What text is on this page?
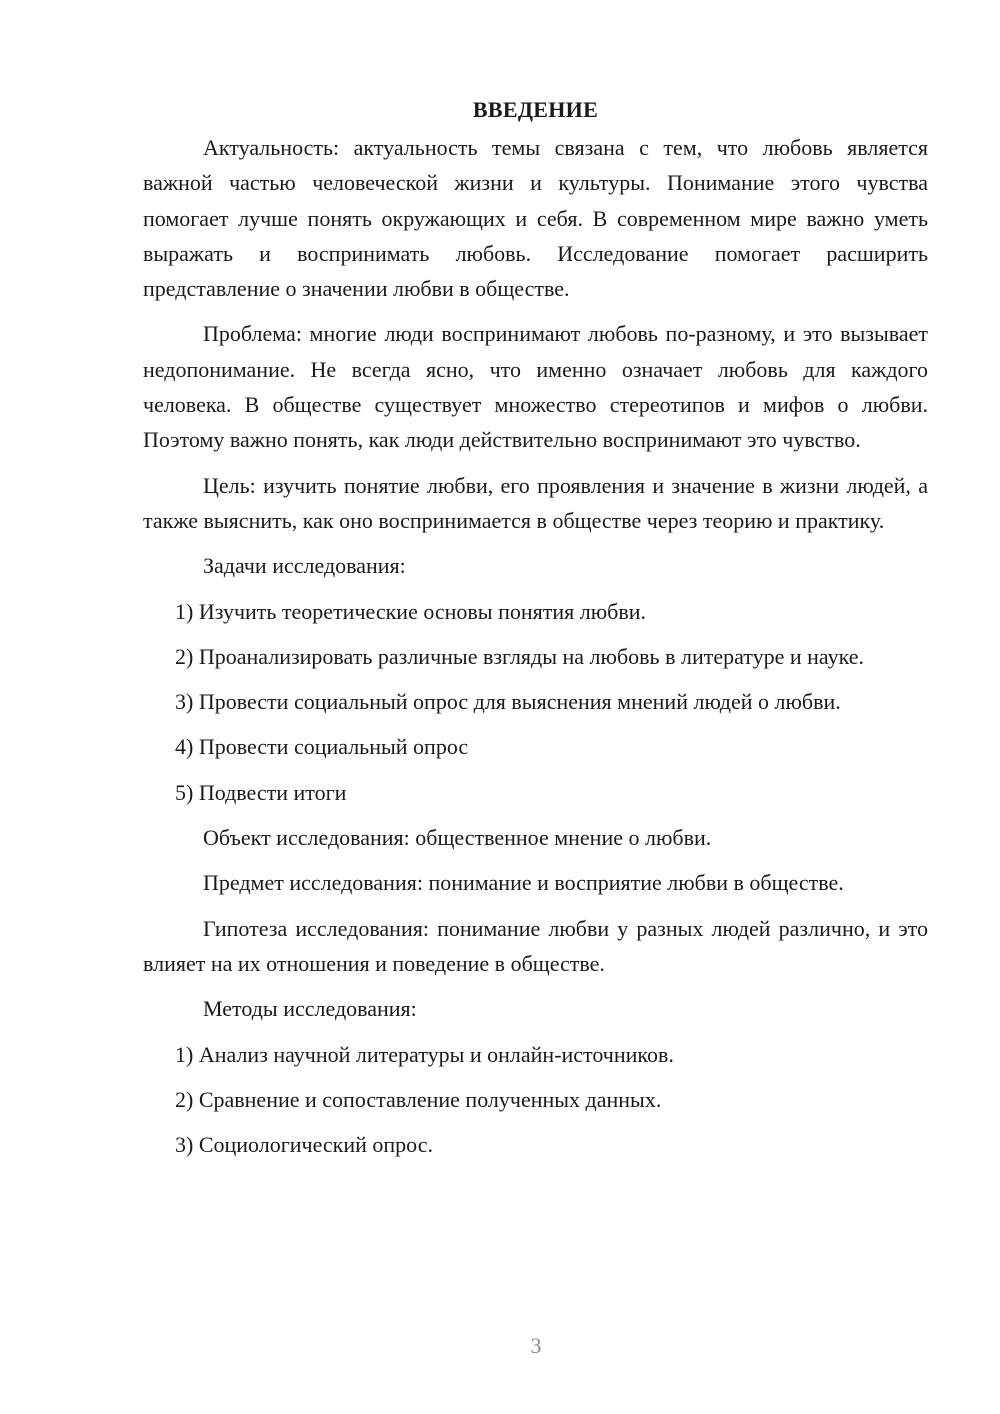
ВВЕДЕНИЕ

Актуальность: актуальность темы связана с тем, что любовь является важной частью человеческой жизни и культуры. Понимание этого чувства помогает лучше понять окружающих и себя. В современном мире важно уметь выражать и воспринимать любовь. Исследование помогает расширить представление о значении любви в обществе.

Проблема: многие люди воспринимают любовь по-разному, и это вызывает недопонимание. Не всегда ясно, что именно означает любовь для каждого человека. В обществе существует множество стереотипов и мифов о любви. Поэтому важно понять, как люди действительно воспринимают это чувство.

Цель: изучить понятие любви, его проявления и значение в жизни людей, а также выяснить, как оно воспринимается в обществе через теорию и практику.

Задачи исследования:

1) Изучить теоретические основы понятия любви.

2) Проанализировать различные взгляды на любовь в литературе и науке.

3) Провести социальный опрос для выяснения мнений людей о любви.

4) Провести социальный опрос

5) Подвести итоги

Объект исследования: общественное мнение о любви.

Предмет исследования: понимание и восприятие любви в обществе.

Гипотеза исследования: понимание любви у разных людей различно, и это влияет на их отношения и поведение в обществе.

Методы исследования:

1) Анализ научной литературы и онлайн-источников.

2) Сравнение и сопоставление полученных данных.

3) Социологический опрос.

3
